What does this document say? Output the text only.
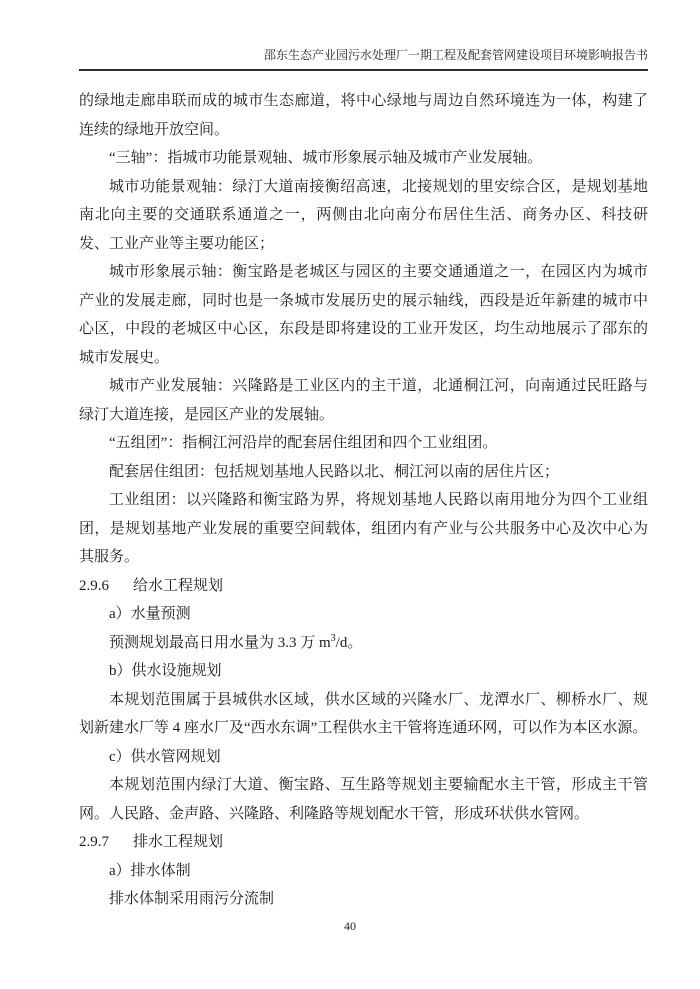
邵东生态产业园污水处理厂一期工程及配套管网建设项目环境影响报告书

的绿地走廊串联而成的城市生态廊道，将中心绿地与周边自然环境连为一体，构建了连续的绿地开放空间。

“三轴”：指城市功能景观轴、城市形象展示轴及城市产业发展轴。

城市功能景观轴：绿汀大道南接衡绍高速，北接规划的里安综合区，是规划基地南北向主要的交通联系通道之一，两侧由北向南分布居住生活、商务办区、科技研发、工业产业等主要功能区；

城市形象展示轴：衡宝路是老城区与园区的主要交通通道之一，在园区内为城市产业的发展走廊，同时也是一条城市发展历史的展示轴线，西段是近年新建的城市中心区，中段的老城区中心区，东段是即将建设的工业开发区，均生动地展示了邵东的城市发展史。

城市产业发展轴：兴隆路是工业区内的主干道，北通桐江河，向南通过民旺路与绿汀大道连接，是园区产业的发展轴。

“五组团”：指桐江河沿岸的配套居住组团和四个工业组团。

配套居住组团：包括规划基地人民路以北、桐江河以南的居住片区；

工业组团：以兴隆路和衡宝路为界，将规划基地人民路以南用地分为四个工业组团，是规划基地产业发展的重要空间载体，组团内有产业与公共服务中心及次中心为其服务。

2.9.6 给水工程规划

a）水量预测

预测规划最高日用水量为 3.3 万 $m^3/d$。

b）供水设施规划

本规划范围属于县城供水区域，供水区域的兴隆水厂、龙潭水厂、柳桥水厂、规划新建水厂等 4 座水厂及“西水东调”工程供水主干管将连通环网，可以作为本区水源。

c）供水管网规划

本规划范围内绿汀大道、衡宝路、互生路等规划主要输配水主干管，形成主干管网。人民路、金声路、兴隆路、利隆路等规划配水干管，形成环状供水管网。

2.9.7 排水工程规划

a）排水体制

排水体制采用雨污分流制

40
